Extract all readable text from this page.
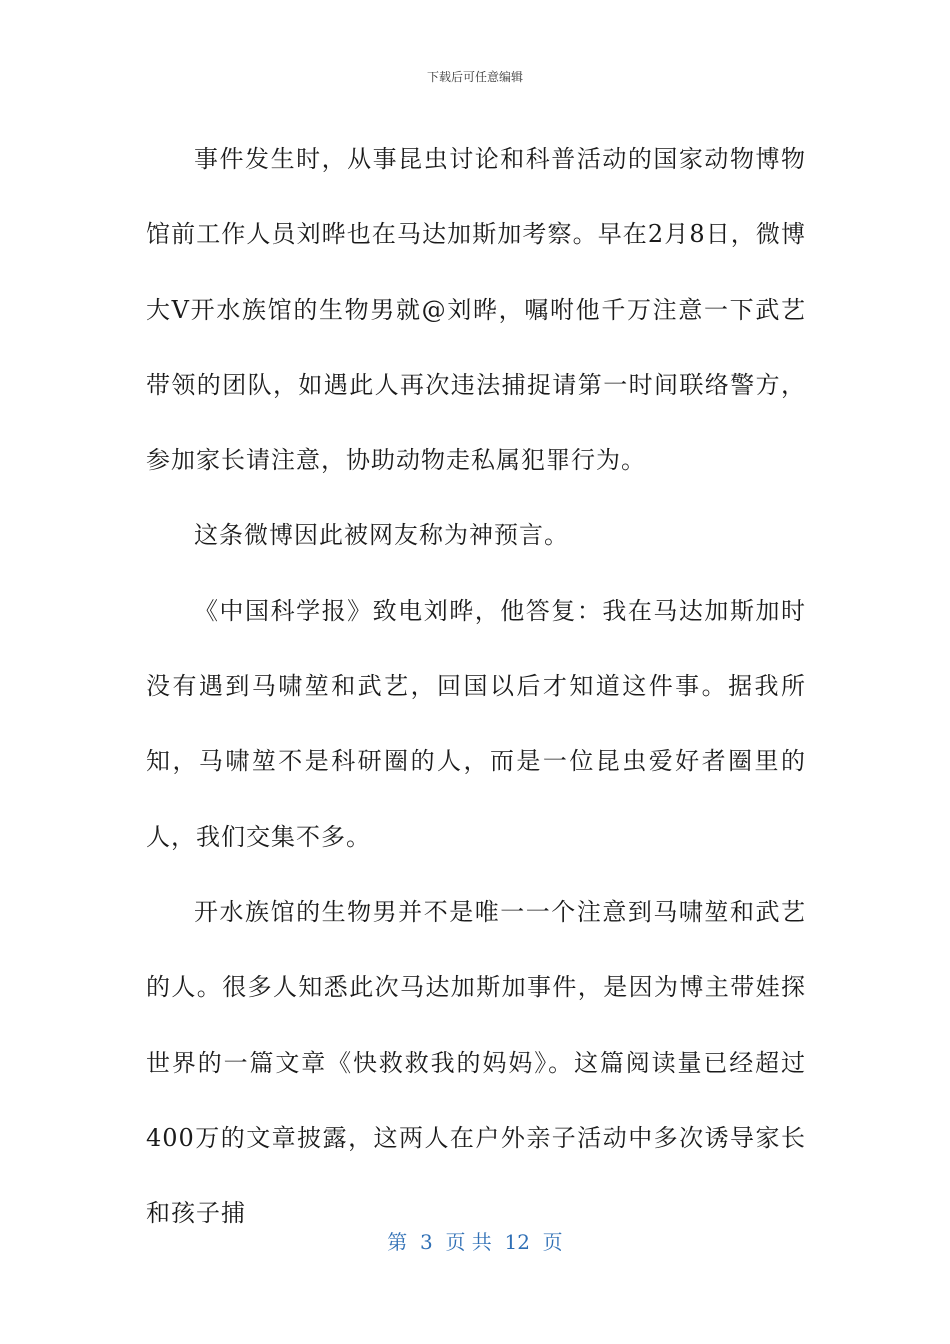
下载后可任意编辑

事件发生时，从事昆虫讨论和科普活动的国家动物博物馆前工作人员刘晔也在马达加斯加考察。早在2月8日，微博大V开水族馆的生物男就@刘晔，嘱咐他千万注意一下武艺带领的团队，如遇此人再次违法捕捉请第一时间联络警方，参加家长请注意，协助动物走私属犯罪行为。

这条微博因此被网友称为神预言。

《中国科学报》致电刘晔，他答复：我在马达加斯加时没有遇到马啸堃和武艺，回国以后才知道这件事。据我所知，马啸堃不是科研圈的人，而是一位昆虫爱好者圈里的人，我们交集不多。

开水族馆的生物男并不是唯一一个注意到马啸堃和武艺的人。很多人知悉此次马达加斯加事件，是因为博主带娃探世界的一篇文章《快救救我的妈妈》。这篇阅读量已经超过400万的文章披露，这两人在户外亲子活动中多次诱导家长和孩子捕

第  3  页 共  12  页
